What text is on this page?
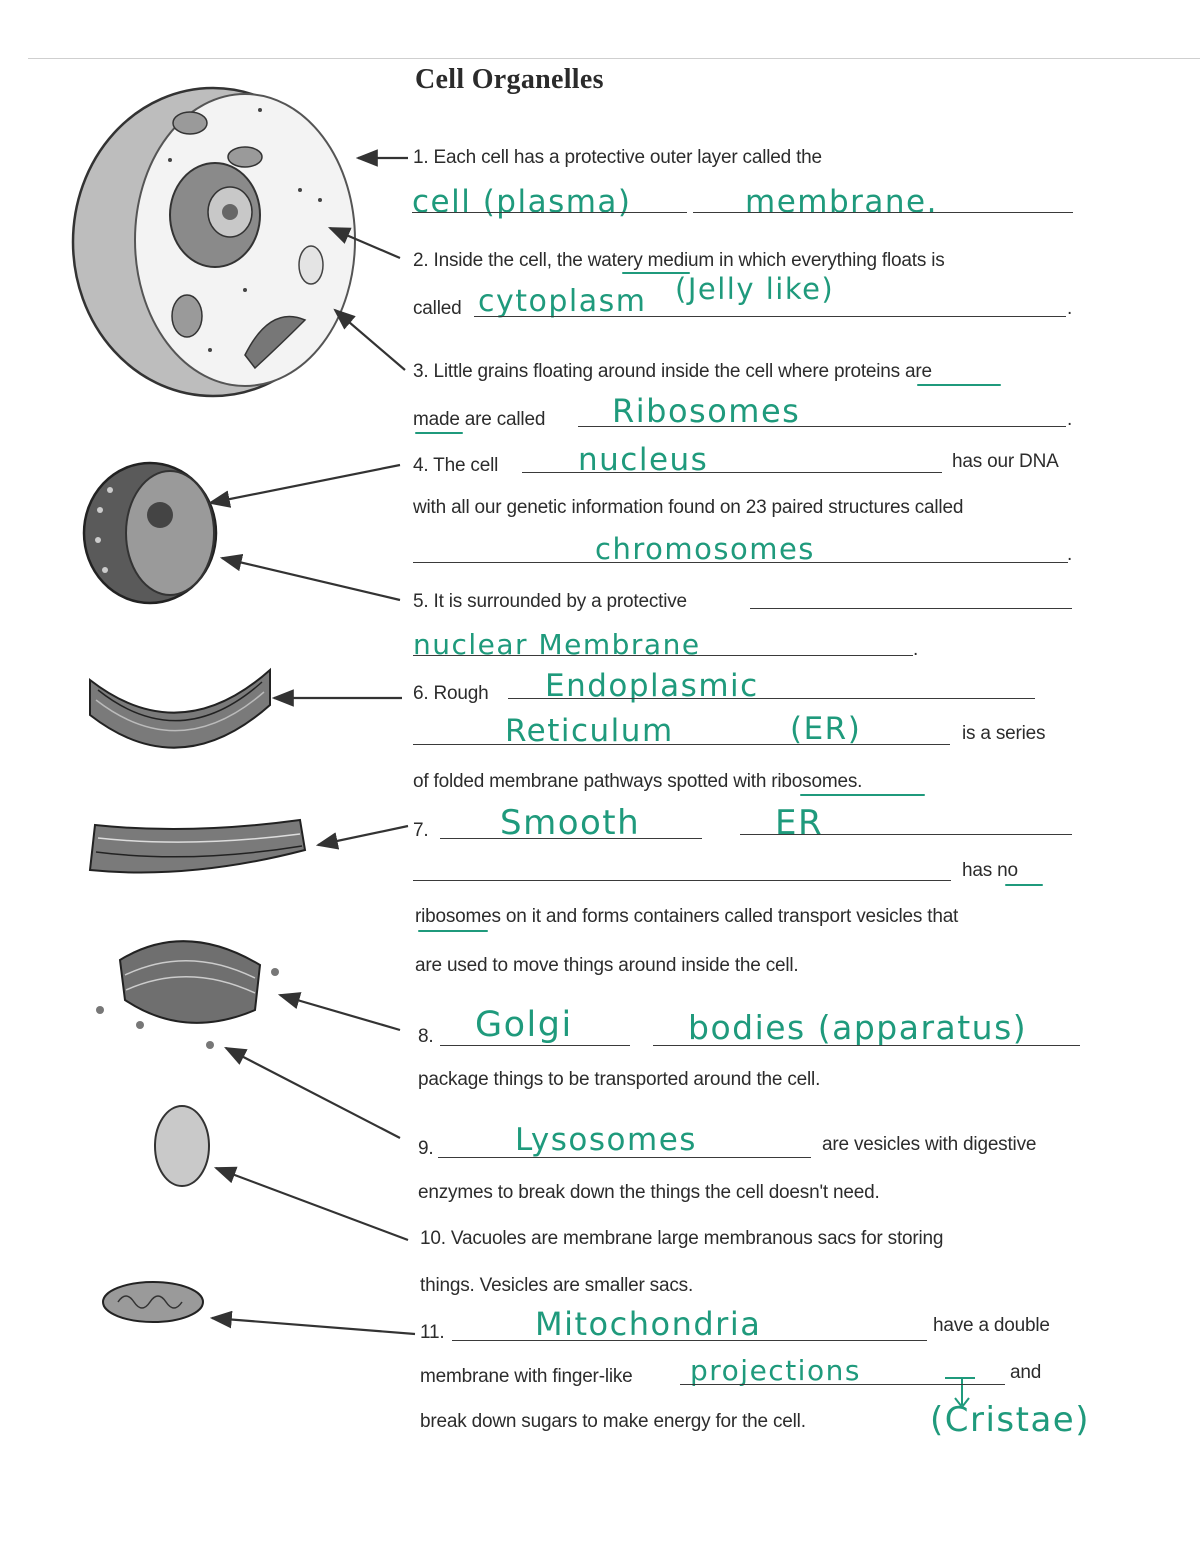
Cell Organelles
1. Each cell has a protective outer layer called the
cell (plasma)	membrane.
2. Inside the cell, the watery medium in which everything floats is
called cytoplasm (Jelly like)
.
3. Little grains floating around inside the cell where proteins are
made are called Ribosomes	.
4. The cell	nucleus	has our DNA
with all our genetic information found on 23 paired structures called
chromosomes	.
5. It is surrounded by a protective
nuclear Membrane	.
6. Rough Endoplasmic
Reticulum	(ER)	is a series
of folded membrane pathways spotted with ribosomes.
7. Smooth	ER
has no
ribosomes on it and forms containers called transport vesicles that
are used to move things around inside the cell.
8. Golgi	bodies (apparatus)
package things to be transported around the cell.
9.	Lysosomes	are vesicles with digestive
enzymes to break down the things the cell doesn't need.
10. Vacuoles are membrane large membranous sacs for storing
things. Vesicles are smaller sacs.
11.	Mitochondria	have a double
membrane with finger-like projections	and
break down sugars to make energy for the cell.	(Cristae)
